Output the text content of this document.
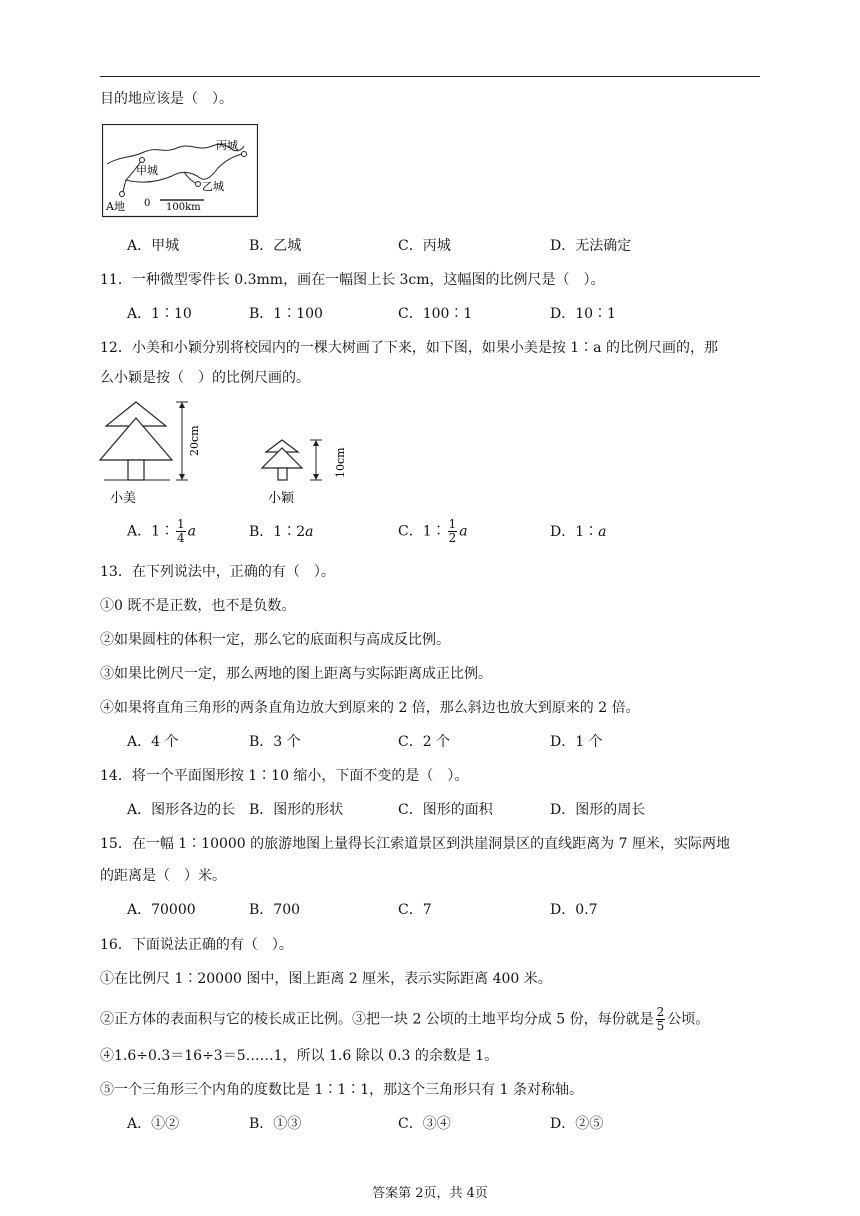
目的地应该是（　）。
丙城
甲城
乙城
A地 0 100km
A．甲城	B．乙城	C．丙城	D．无法确定
11．一种微型零件长 0.3mm，画在一幅图上长 3cm，这幅图的比例尺是（　）。
A．1∶10	B．1∶100	C．100∶1	D．10∶1
12．小美和小颖分别将校园内的一棵大树画了下来，如下图，如果小美是按 1∶a 的比例尺画的，那
么小颖是按（　）的比例尺画的。
20cm
小美
10cm
小颖
A．1∶ $\frac{1}{4}$ a	B．1∶2a	C．1∶ $\frac{1}{2}$ a	D．1∶a
13．在下列说法中，正确的有（　）。
①0 既不是正数，也不是负数。
②如果圆柱的体积一定，那么它的底面积与高成反比例。
③如果比例尺一定，那么两地的图上距离与实际距离成正比例。
④如果将直角三角形的两条直角边放大到原来的 2 倍，那么斜边也放大到原来的 2 倍。
A．4 个	B．3 个	C．2 个	D．1 个
14．将一个平面图形按 1∶10 缩小，下面不变的是（　）。
A．图形各边的长 B．图形的形状	C．图形的面积	D．图形的周长
15．在一幅 1∶10000 的旅游地图上量得长江索道景区到洪崖洞景区的直线距离为 7 厘米，实际两地
的距离是（　）米。
A．70000	B．700	C．7	D．0.7
16．下面说法正确的有（　）。
①在比例尺 1∶20000 图中，图上距离 2 厘米，表示实际距离 400 米。
②正方体的表面积与它的棱长成正比例。③把一块 2 公顷的土地平均分成 5 份，每份就是 $\frac{2}{5}$ 公顷。
④1.6÷0.3＝16÷3＝5……1，所以 1.6 除以 0.3 的余数是 1。
⑤一个三角形三个内角的度数比是 1∶1∶1，那这个三角形只有 1 条对称轴。
A．①②	B．①③	C．③④	D．②⑤
答案第 2页，共 4页
